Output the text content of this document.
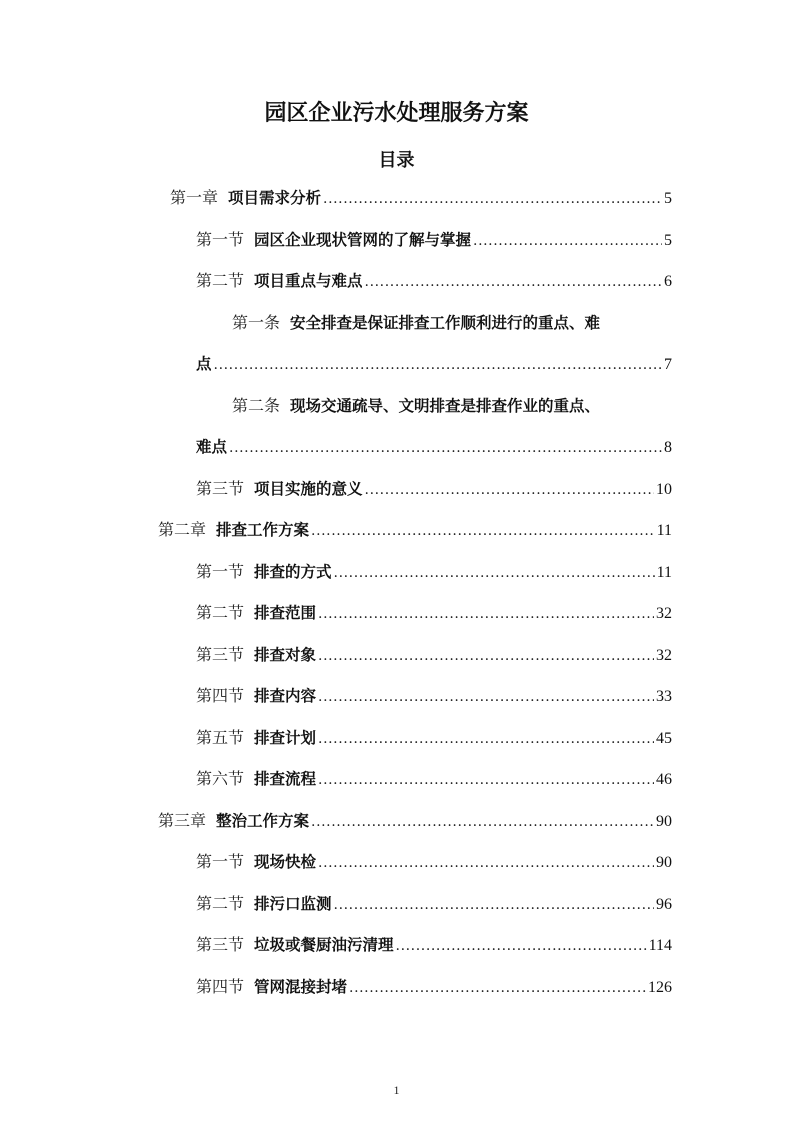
园区企业污水处理服务方案
目录
第一章 项目需求分析 .....	5
第一节 园区企业现状管网的了解与掌握 .....	5
第二节 项目重点与难点 .....	6
第一条 安全排查是保证排查工作顺利进行的重点、难
点 .....	7
第二条 现场交通疏导、文明排查是排查作业的重点、
难点 .....	8
第三节 项目实施的意义 .....	10
第二章 排查工作方案 .....	11
第一节 排查的方式 .....	11
第二节 排查范围 .....	32
第三节 排查对象 .....	32
第四节 排查内容 .....	33
第五节 排查计划 .....	45
第六节 排查流程 .....	46
第三章 整治工作方案 .....	90
第一节 现场快检 .....	90
第二节 排污口监测 .....	96
第三节 垃圾或餐厨油污清理 .....	114
第四节 管网混接封堵 .....	126
1
